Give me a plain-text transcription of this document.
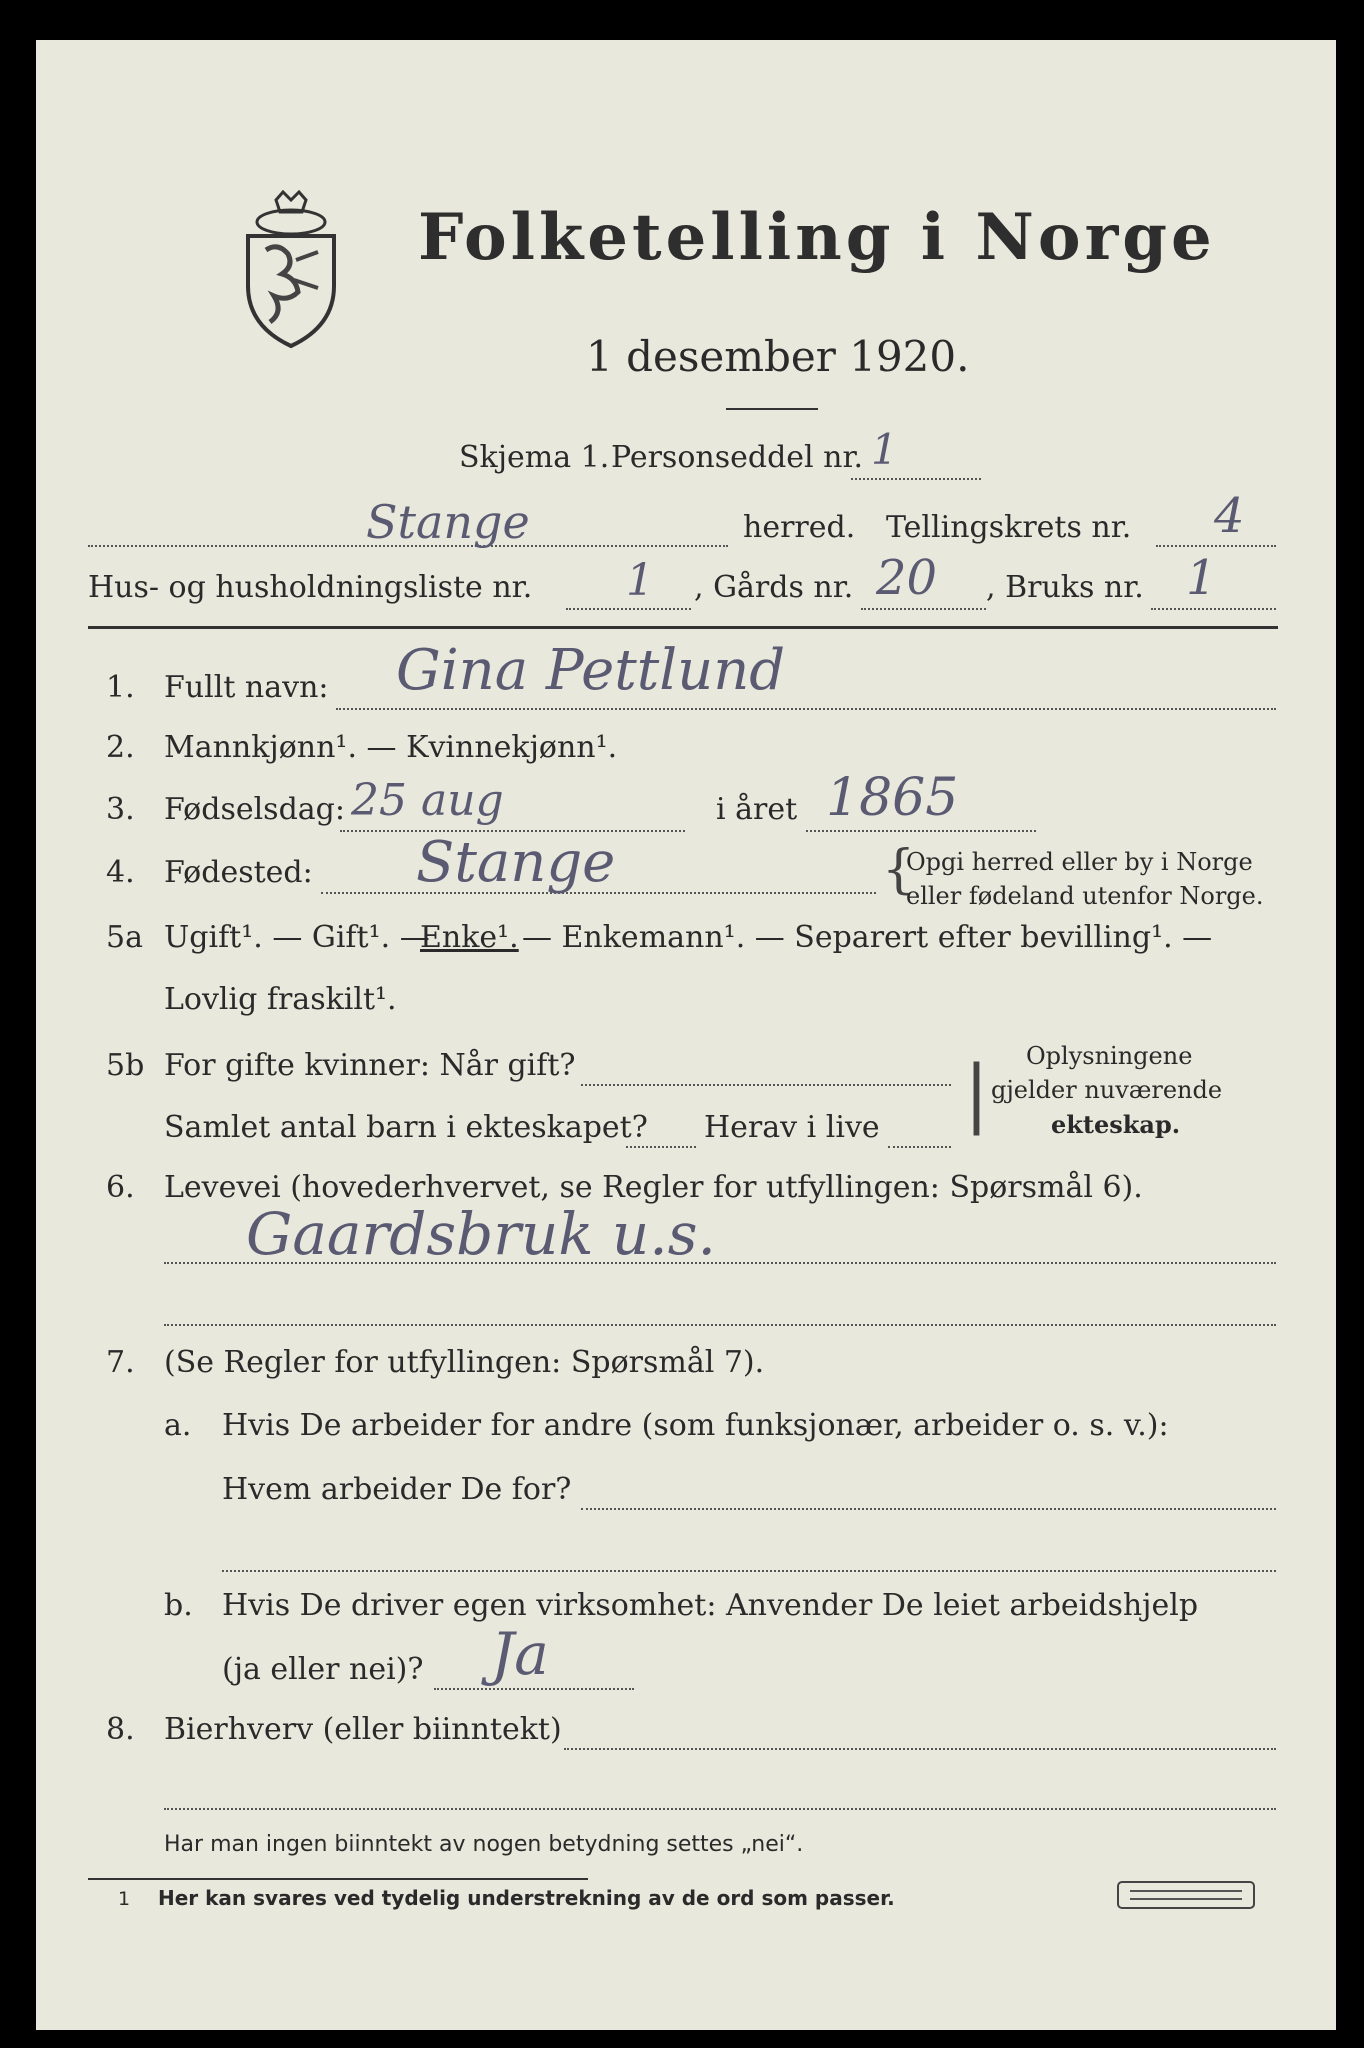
Folketelling i Norge
1 desember 1920.
Skjema 1. Personseddel nr. 1
Stange	herred. Tellingskrets nr. 4
Hus- og husholdningsliste nr. 1 , Gårds nr. 20 , Bruks nr. 1
1. Fullt navn: Gina Pettlund
2. Mannkjønn¹. — Kvinnekjønn¹.
3. Fødselsdag: 25 aug	i året 1865
4. Fødested: Stange	{
Opgi herred eller by i Norge
eller fødeland utenfor Norge.
5a Ugift¹. — Gift¹. —
Enke¹. — Enkemann¹. — Separert efter bevilling¹. —
Lovlig fraskilt¹.
5b For gifte kvinner: Når gift?
Samlet antal barn i ekteskapet? Herav i live | Oplysningene
gjelder nuværende
ekteskap.
6. Levevei (hovederhvervet, se Regler for utfyllingen: Spørsmål 6).
Gaardsbruk u.s.
7. (Se Regler for utfyllingen: Spørsmål 7).
a. Hvis De arbeider for andre (som funksjonær, arbeider o. s. v.):
Hvem arbeider De for?
b. Hvis De driver egen virksomhet: Anvender De leiet arbeidshjelp
(ja eller nei)? Ja
8. Bierhverv (eller biinntekt)
Har man ingen biinntekt av nogen betydning settes „nei“.
1 Her kan svares ved tydelig understrekning av de ord som passer.
